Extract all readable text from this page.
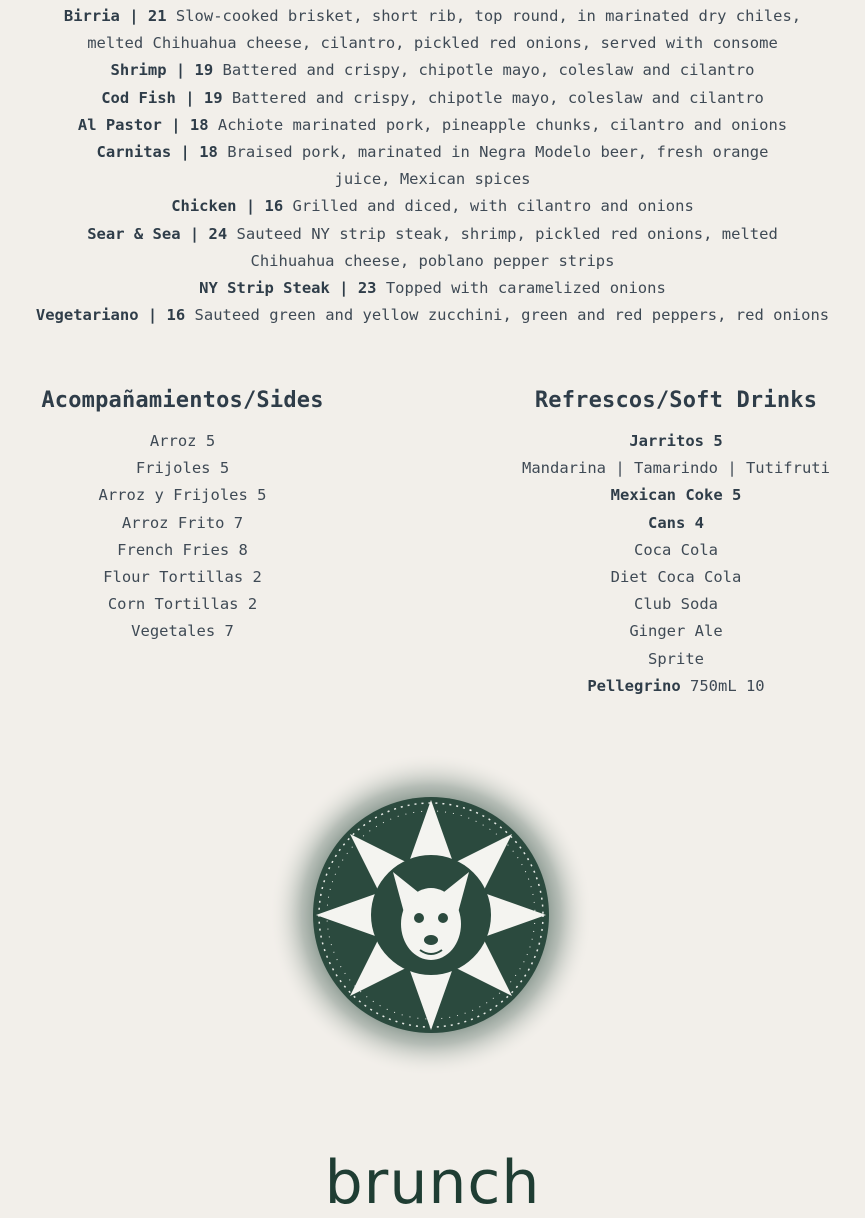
Birria | 21 Slow-cooked brisket, short rib, top round, in marinated dry chiles,
melted Chihuahua cheese, cilantro, pickled red onions, served with consome
Shrimp | 19 Battered and crispy, chipotle mayo, coleslaw and cilantro
Cod Fish | 19 Battered and crispy, chipotle mayo, coleslaw and cilantro
Al Pastor | 18 Achiote marinated pork, pineapple chunks, cilantro and onions
Carnitas | 18 Braised pork, marinated in Negra Modelo beer, fresh orange
juice, Mexican spices
Chicken | 16 Grilled and diced, with cilantro and onions
Sear & Sea | 24 Sauteed NY strip steak, shrimp, pickled red onions, melted
Chihuahua cheese, poblano pepper strips
NY Strip Steak | 23 Topped with caramelized onions
Vegetariano | 16 Sauteed green and yellow zucchini, green and red peppers, red onions
Acompañamientos/Sides
Arroz 5
Frijoles 5
Arroz y Frijoles 5
Arroz Frito 7
French Fries 8
Flour Tortillas 2
Corn Tortillas 2
Vegetales 7
Refrescos/Soft Drinks
Jarritos 5
Mandarina | Tamarindo | Tutifruti
Mexican Coke 5
Cans 4
Coca Cola
Diet Coca Cola
Club Soda
Ginger Ale
Sprite
Pellegrino 750mL 10
brunch
